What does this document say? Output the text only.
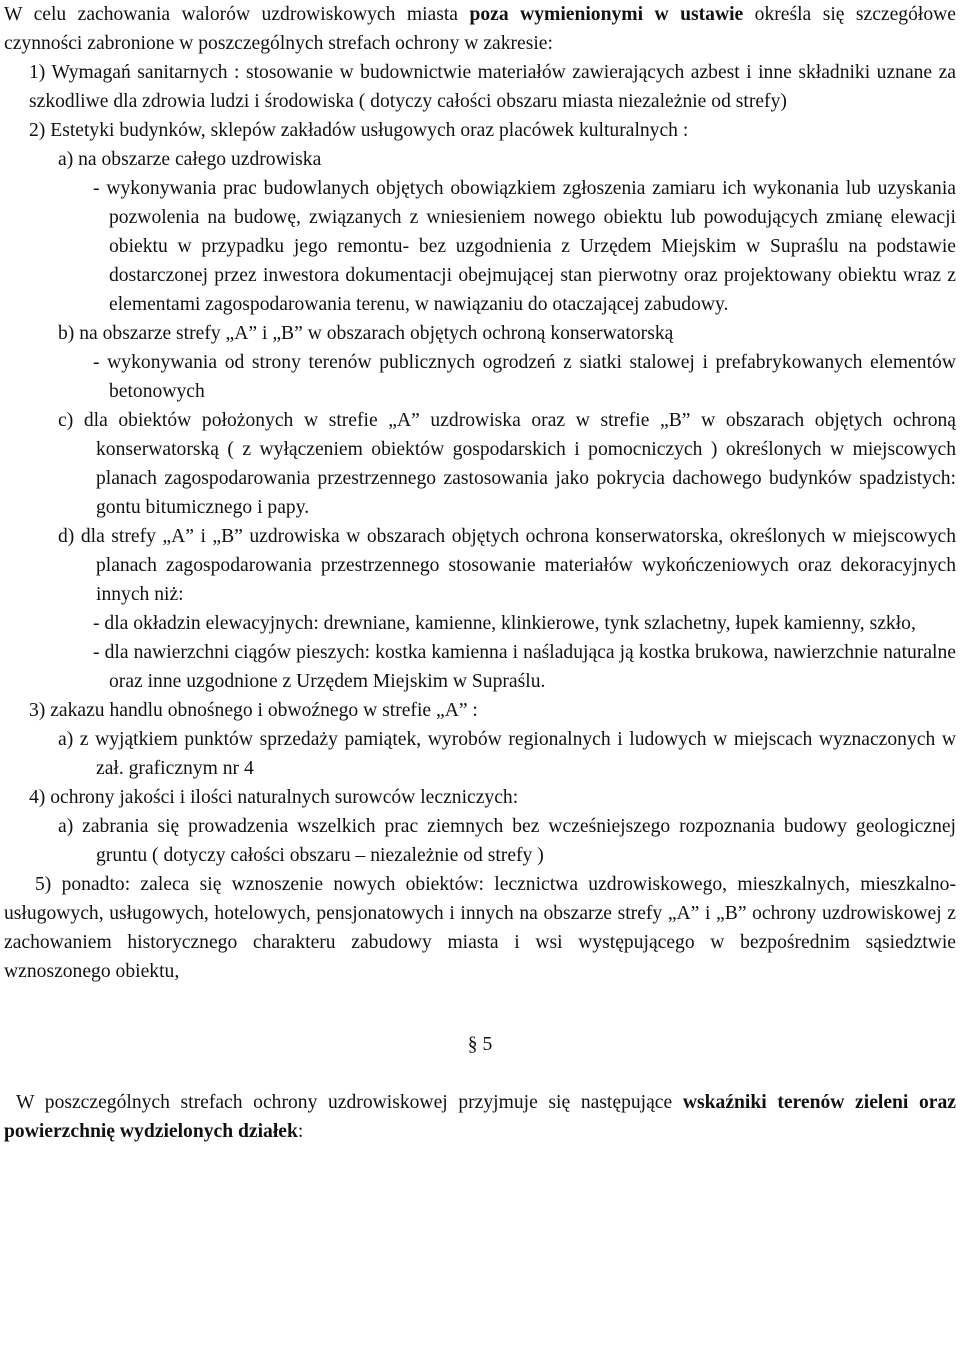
W celu zachowania walorów uzdrowiskowych miasta poza wymienionymi w ustawie określa się szczegółowe czynności zabronione w poszczególnych strefach ochrony w zakresie:
1) Wymagań sanitarnych : stosowanie w budownictwie materiałów zawierających azbest i inne składniki uznane za szkodliwe dla zdrowia ludzi i środowiska ( dotyczy całości obszaru miasta niezależnie od strefy)
2) Estetyki budynków, sklepów zakładów usługowych oraz placówek kulturalnych :
a) na obszarze całego uzdrowiska
- wykonywania prac budowlanych objętych obowiązkiem zgłoszenia zamiaru ich wykonania lub uzyskania pozwolenia na budowę, związanych z wniesieniem nowego obiektu lub powodujących zmianę elewacji obiektu w przypadku jego remontu- bez uzgodnienia z Urzędem Miejskim w Supraślu na podstawie dostarczonej przez inwestora dokumentacji obejmującej stan pierwotny oraz projektowany obiektu wraz z elementami zagospodarowania terenu, w nawiązaniu do otaczającej zabudowy.
b) na obszarze strefy „A” i „B” w obszarach objętych ochroną konserwatorską
- wykonywania od strony terenów publicznych ogrodzeń z siatki stalowej i prefabrykowanych elementów betonowych
c) dla obiektów położonych w strefie „A” uzdrowiska oraz w strefie „B” w obszarach objętych ochroną konserwatorską ( z wyłączeniem obiektów gospodarskich i pomocniczych ) określonych w miejscowych planach zagospodarowania przestrzennego zastosowania jako pokrycia dachowego budynków spadzistych: gontu bitumicznego i papy.
d) dla strefy „A” i „B” uzdrowiska w obszarach objętych ochrona konserwatorska, określonych w miejscowych planach zagospodarowania przestrzennego stosowanie materiałów wykończeniowych oraz dekoracyjnych innych niż:
- dla okładzin elewacyjnych: drewniane, kamienne, klinkierowe, tynk szlachetny, łupek kamienny, szkło,
- dla nawierzchni ciągów pieszych: kostka kamienna i naśladująca ją kostka brukowa, nawierzchnie naturalne oraz inne uzgodnione z Urzędem Miejskim w Supraślu.
3) zakazu handlu obnośnego i obwoźnego w strefie „A” :
a) z wyjątkiem punktów sprzedaży pamiątek, wyrobów regionalnych i ludowych w miejscach wyznaczonych w zał. graficznym nr 4
4) ochrony jakości i ilości naturalnych surowców leczniczych:
a) zabrania się prowadzenia wszelkich prac ziemnych bez wcześniejszego rozpoznania budowy geologicznej gruntu ( dotyczy całości obszaru – niezależnie od strefy )
5) ponadto: zaleca się wznoszenie nowych obiektów: lecznictwa uzdrowiskowego, mieszkalnych, mieszkalno-usługowych, usługowych, hotelowych, pensjonatowych i innych na obszarze strefy „A” i „B” ochrony uzdrowiskowej z zachowaniem historycznego charakteru zabudowy miasta i wsi występującego w bezpośrednim sąsiedztwie wznoszonego obiektu,
§ 5
W poszczególnych strefach ochrony uzdrowiskowej przyjmuje się następujące wskaźniki terenów zieleni oraz powierzchnię wydzielonych działek:
